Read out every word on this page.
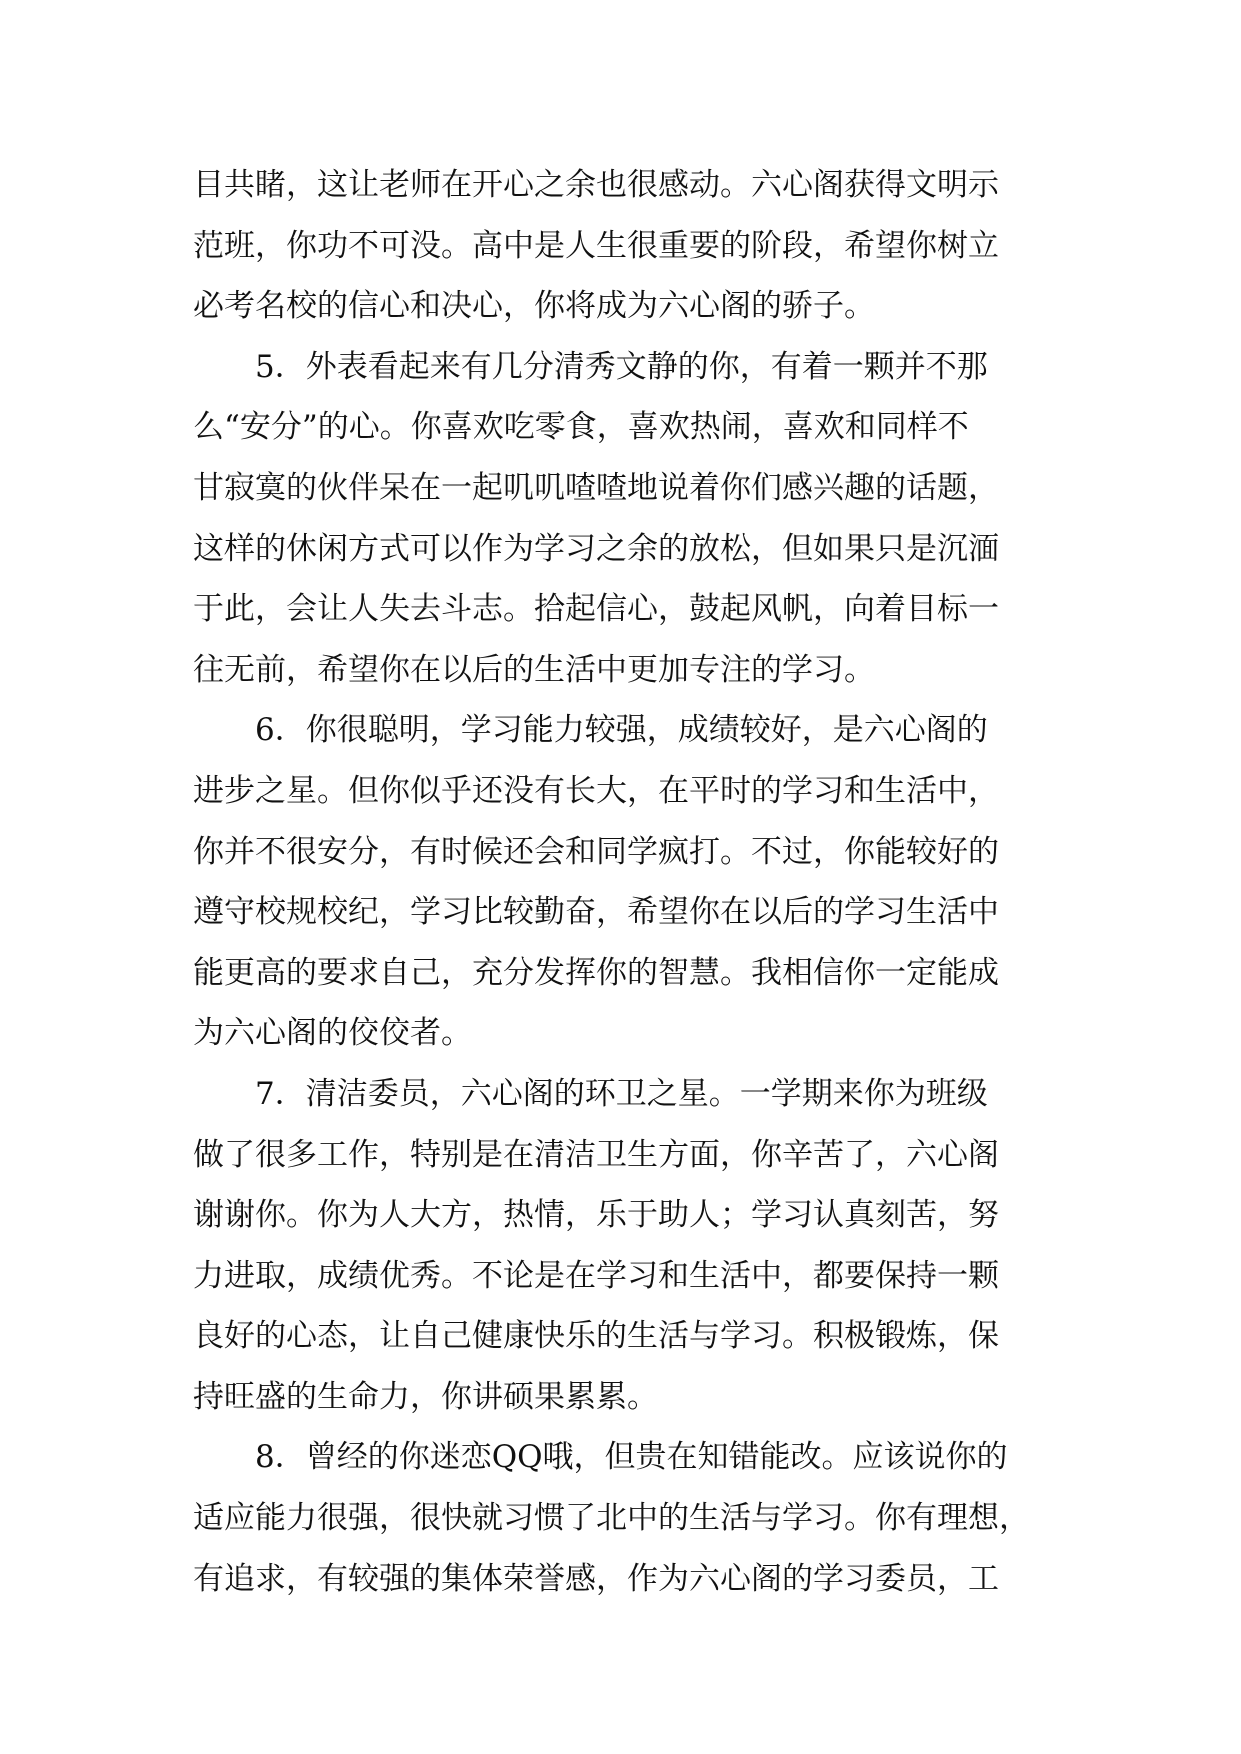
目共睹，这让老师在开心之余也很感动。六心阁获得文明示
范班，你功不可没。高中是人生很重要的阶段，希望你树立
必考名校的信心和决心，你将成为六心阁的骄子。
5．外表看起来有几分清秀文静的你，有着一颗并不那
么“安分”的心。你喜欢吃零食，喜欢热闹，喜欢和同样不
甘寂寞的伙伴呆在一起叽叽喳喳地说着你们感兴趣的话题，
这样的休闲方式可以作为学习之余的放松，但如果只是沉湎
于此，会让人失去斗志。拾起信心，鼓起风帆，向着目标一
往无前，希望你在以后的生活中更加专注的学习。
6．你很聪明，学习能力较强，成绩较好，是六心阁的
进步之星。但你似乎还没有长大，在平时的学习和生活中，
你并不很安分，有时候还会和同学疯打。不过，你能较好的
遵守校规校纪，学习比较勤奋，希望你在以后的学习生活中
能更高的要求自己，充分发挥你的智慧。我相信你一定能成
为六心阁的佼佼者。
7．清洁委员，六心阁的环卫之星。一学期来你为班级
做了很多工作，特别是在清洁卫生方面，你辛苦了，六心阁
谢谢你。你为人大方，热情，乐于助人；学习认真刻苦，努
力进取，成绩优秀。不论是在学习和生活中，都要保持一颗
良好的心态，让自己健康快乐的生活与学习。积极锻炼，保
持旺盛的生命力，你讲硕果累累。
8．曾经的你迷恋QQ哦，但贵在知错能改。应该说你的
适应能力很强，很快就习惯了北中的生活与学习。你有理想，
有追求，有较强的集体荣誉感，作为六心阁的学习委员，工
